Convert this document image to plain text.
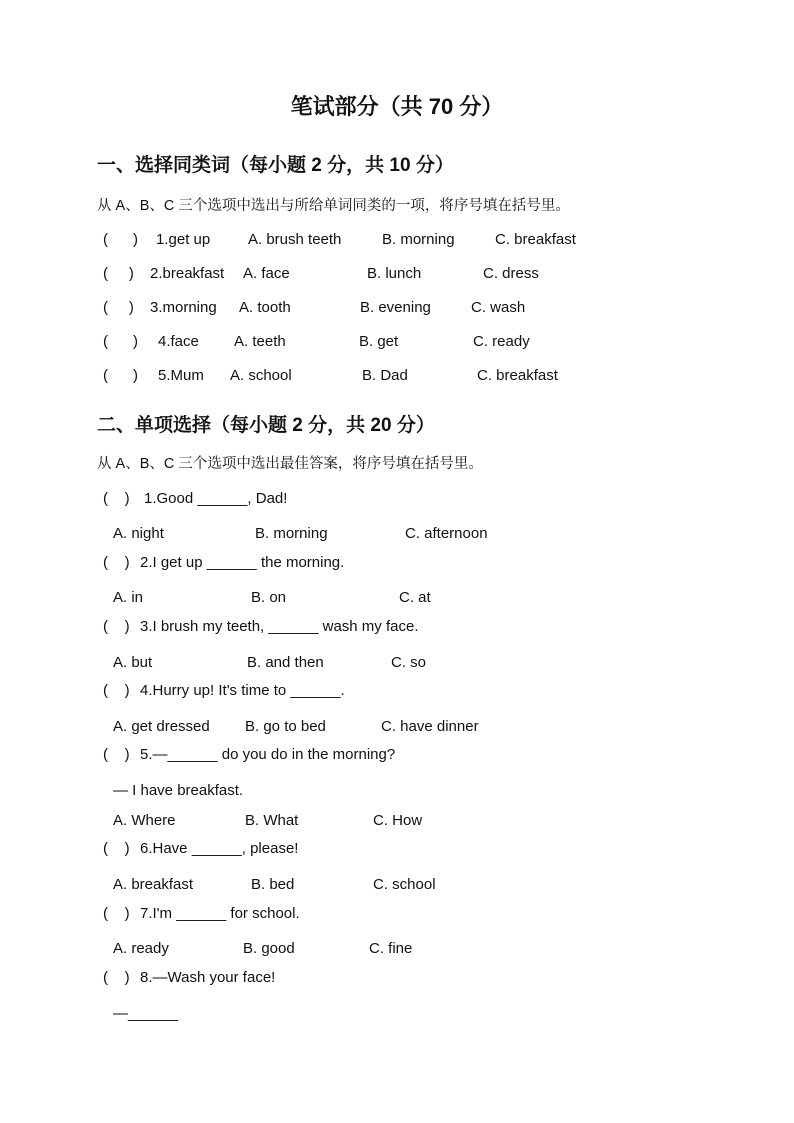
笔试部分（共 70 分）
一、选择同类词（每小题 2 分，共 10 分）
从 A、B、C 三个选项中选出与所给单词同类的一项，将序号填在括号里。
(      ) 1.get up	A. brush teeth	B. morning	C. breakfast
(     ) 2.breakfast A. face	B. lunch	C. dress
(     ) 3.morning A. tooth	B. evening	C. wash
(      ) 4.face A. teeth	B. get	C. ready
(      ) 5.Mum A. school	B. Dad	C. breakfast
二、单项选择（每小题 2 分，共 20 分）
从 A、B、C 三个选项中选出最佳答案，将序号填在括号里。
(    ) 1.Good ______, Dad!
A. night	B. morning	C. afternoon
(    ) 2.I get up ______ the morning.
A. in	B. on	C. at
(    ) 3.I brush my teeth, ______ wash my face.
A. but	B. and then	C. so
(    ) 4.Hurry up! It's time to ______.
A. get dressed B. go to bed	C. have dinner
(    ) 5.—______ do you do in the morning?
— I have breakfast.
A. Where	B. What	C. How
(    ) 6.Have ______, please!
A. breakfast	B. bed	C. school
(    ) 7.I'm ______ for school.
A. ready	B. good	C. fine
(    ) 8.—Wash your face!
—______
